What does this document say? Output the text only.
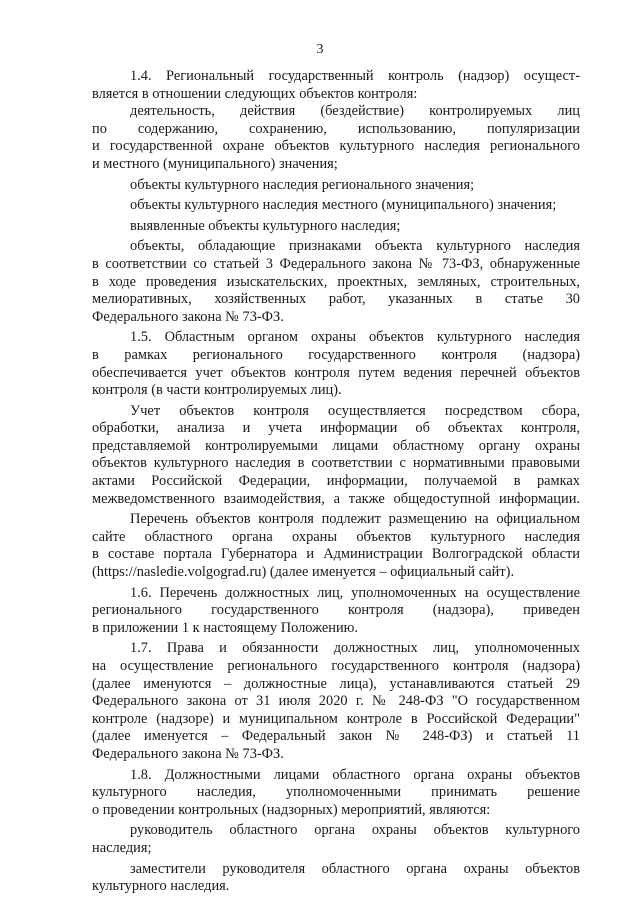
3
1.4. Региональный государственный контроль (надзор) осущест-
вляется в отношении следующих объектов контроля:
деятельность, действия (бездействие) контролируемых лиц
по содержанию, сохранению, использованию, популяризации
и государственной охране объектов культурного наследия регионального
и местного (муниципального) значения;
объекты культурного наследия регионального значения;
объекты культурного наследия местного (муниципального) значения;
выявленные объекты культурного наследия;
объекты, обладающие признаками объекта культурного наследия
в соответствии со статьей 3 Федерального закона № 73-ФЗ, обнаруженные
в ходе проведения изыскательских, проектных, земляных, строительных,
мелиоративных, хозяйственных работ, указанных в статье 30
Федерального закона № 73-ФЗ.
1.5. Областным органом охраны объектов культурного наследия
в рамках регионального государственного контроля (надзора)
обеспечивается учет объектов контроля путем ведения перечней объектов
контроля (в части контролируемых лиц).
Учет объектов контроля осуществляется посредством сбора,
обработки, анализа и учета информации об объектах контроля,
представляемой контролируемыми лицами областному органу охраны
объектов культурного наследия в соответствии с нормативными правовыми
актами Российской Федерации, информации, получаемой в рамках
межведомственного взаимодействия, а также общедоступной информации.
Перечень объектов контроля подлежит размещению на официальном
сайте областного органа охраны объектов культурного наследия
в составе портала Губернатора и Администрации Волгоградской области
(https://nasledie.volgograd.ru) (далее именуется – официальный сайт).
1.6. Перечень должностных лиц, уполномоченных на осуществление
регионального государственного контроля (надзора), приведен
в приложении 1 к настоящему Положению.
1.7. Права и обязанности должностных лиц, уполномоченных
на осуществление регионального государственного контроля (надзора)
(далее именуются – должностные лица), устанавливаются статьей 29
Федерального закона от 31 июля 2020 г. № 248-ФЗ "О государственном
контроле (надзоре) и муниципальном контроле в Российской Федерации"
(далее именуется – Федеральный закон № 248-ФЗ) и статьей 11
Федерального закона № 73-ФЗ.
1.8. Должностными лицами областного органа охраны объектов
культурного наследия, уполномоченными принимать решение
о проведении контрольных (надзорных) мероприятий, являются:
руководитель областного органа охраны объектов культурного
наследия;
заместители руководителя областного органа охраны объектов
культурного наследия.
